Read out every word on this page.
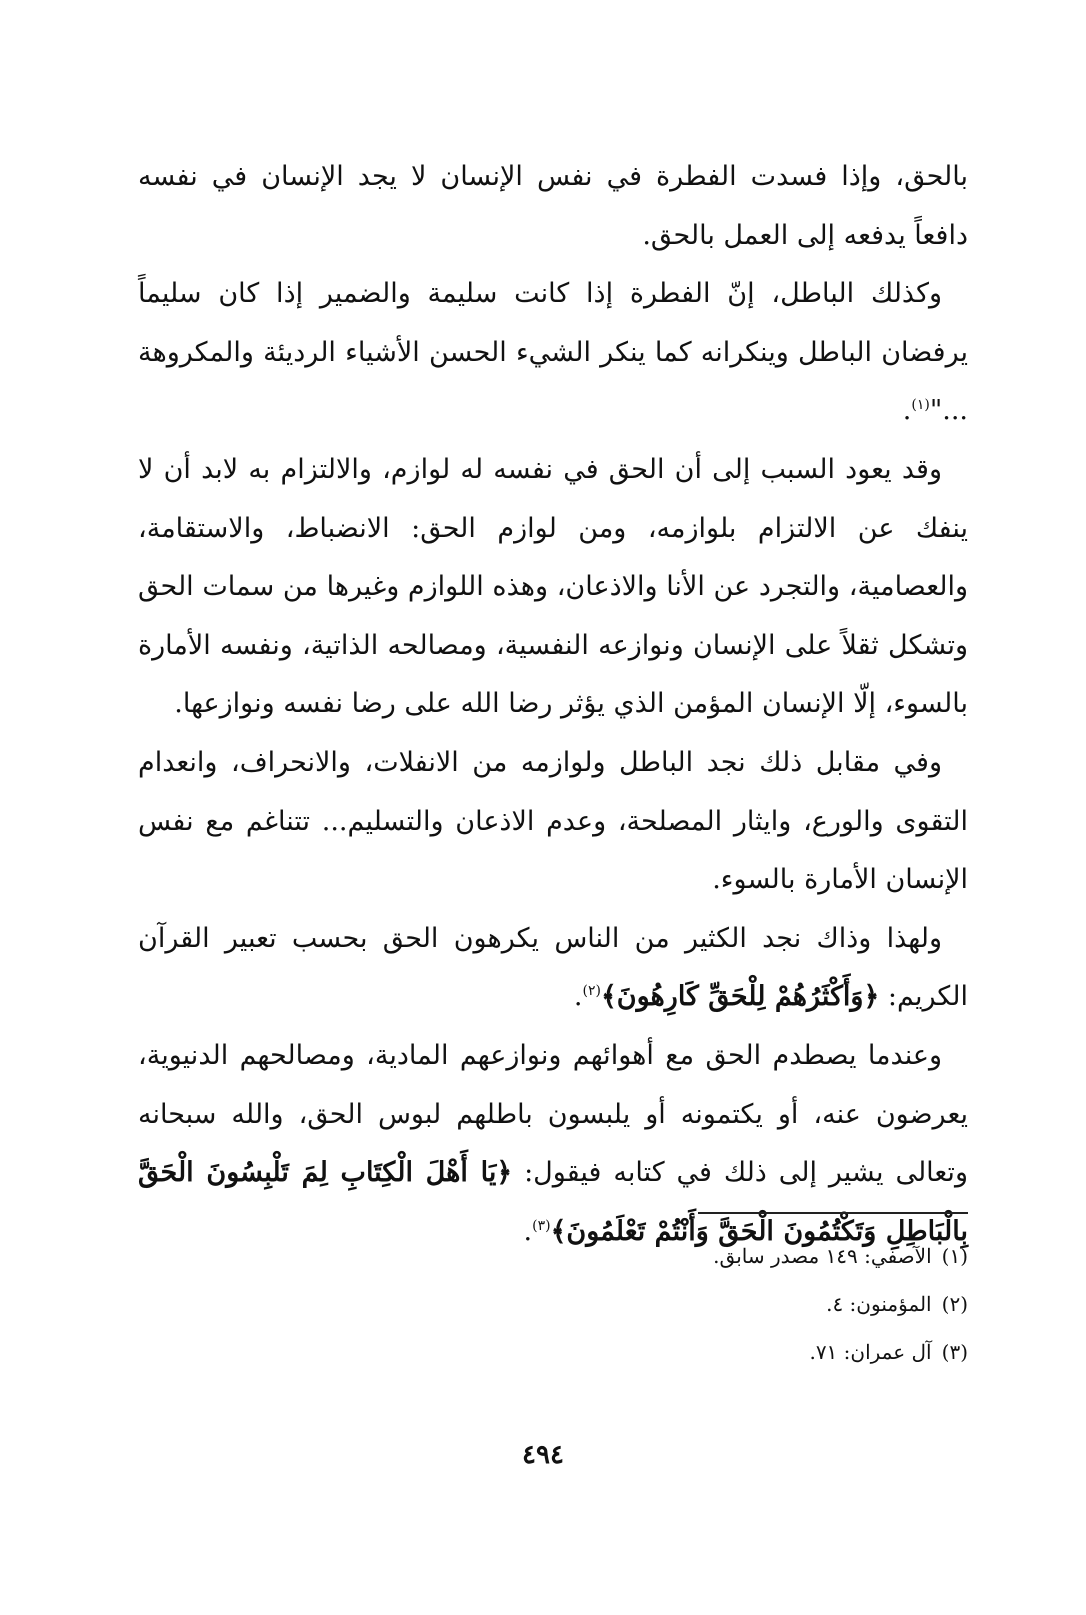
بالحق، وإذا فسدت الفطرة في نفس الإنسان لا يجد الإنسان في نفسه دافعاً يدفعه إلى العمل بالحق.

وكذلك الباطل، إنّ الفطرة إذا كانت سليمة والضمير إذا كان سليماً يرفضان الباطل وينكرانه كما ينكر الشيء الحسن الأشياء الرديئة والمكروهة ..."$^{(١)}$.

وقد يعود السبب إلى أن الحق في نفسه له لوازم، والالتزام به لابد أن لا ينفك عن الالتزام بلوازمه، ومن لوازم الحق: الانضباط، والاستقامة، والعصامية، والتجرد عن الأنا والاذعان، وهذه اللوازم وغيرها من سمات الحق وتشكل ثقلاً على الإنسان ونوازعه النفسية، ومصالحه الذاتية، ونفسه الأمارة بالسوء، إلّا الإنسان المؤمن الذي يؤثر رضا الله على رضا نفسه ونوازعها.

وفي مقابل ذلك نجد الباطل ولوازمه من الانفلات، والانحراف، وانعدام التقوى والورع، وايثار المصلحة، وعدم الاذعان والتسليم... تتناغم مع نفس الإنسان الأمارة بالسوء.

ولهذا وذاك نجد الكثير من الناس يكرهون الحق بحسب تعبير القرآن الكريم: ﴿وَأَكْثَرُهُمْ لِلْحَقِّ كَارِهُونَ﴾$^{(٢)}$.

وعندما يصطدم الحق مع أهوائهم ونوازعهم المادية، ومصالحهم الدنيوية، يعرضون عنه، أو يكتمونه أو يلبسون باطلهم لبوس الحق، والله سبحانه وتعالى يشير إلى ذلك في كتابه فيقول: ﴿يَا أَهْلَ الْكِتَابِ لِمَ تَلْبِسُونَ الْحَقَّ بِالْبَاطِلِ وَتَكْتُمُونَ الْحَقَّ وَأَنْتُمْ تَعْلَمُونَ﴾$^{(٣)}$.

(١)الآصفي: ١٤٩ مصدر سابق.

(٢)المؤمنون: ٤.

(٣)آل عمران: ٧١.

٤٩٤
